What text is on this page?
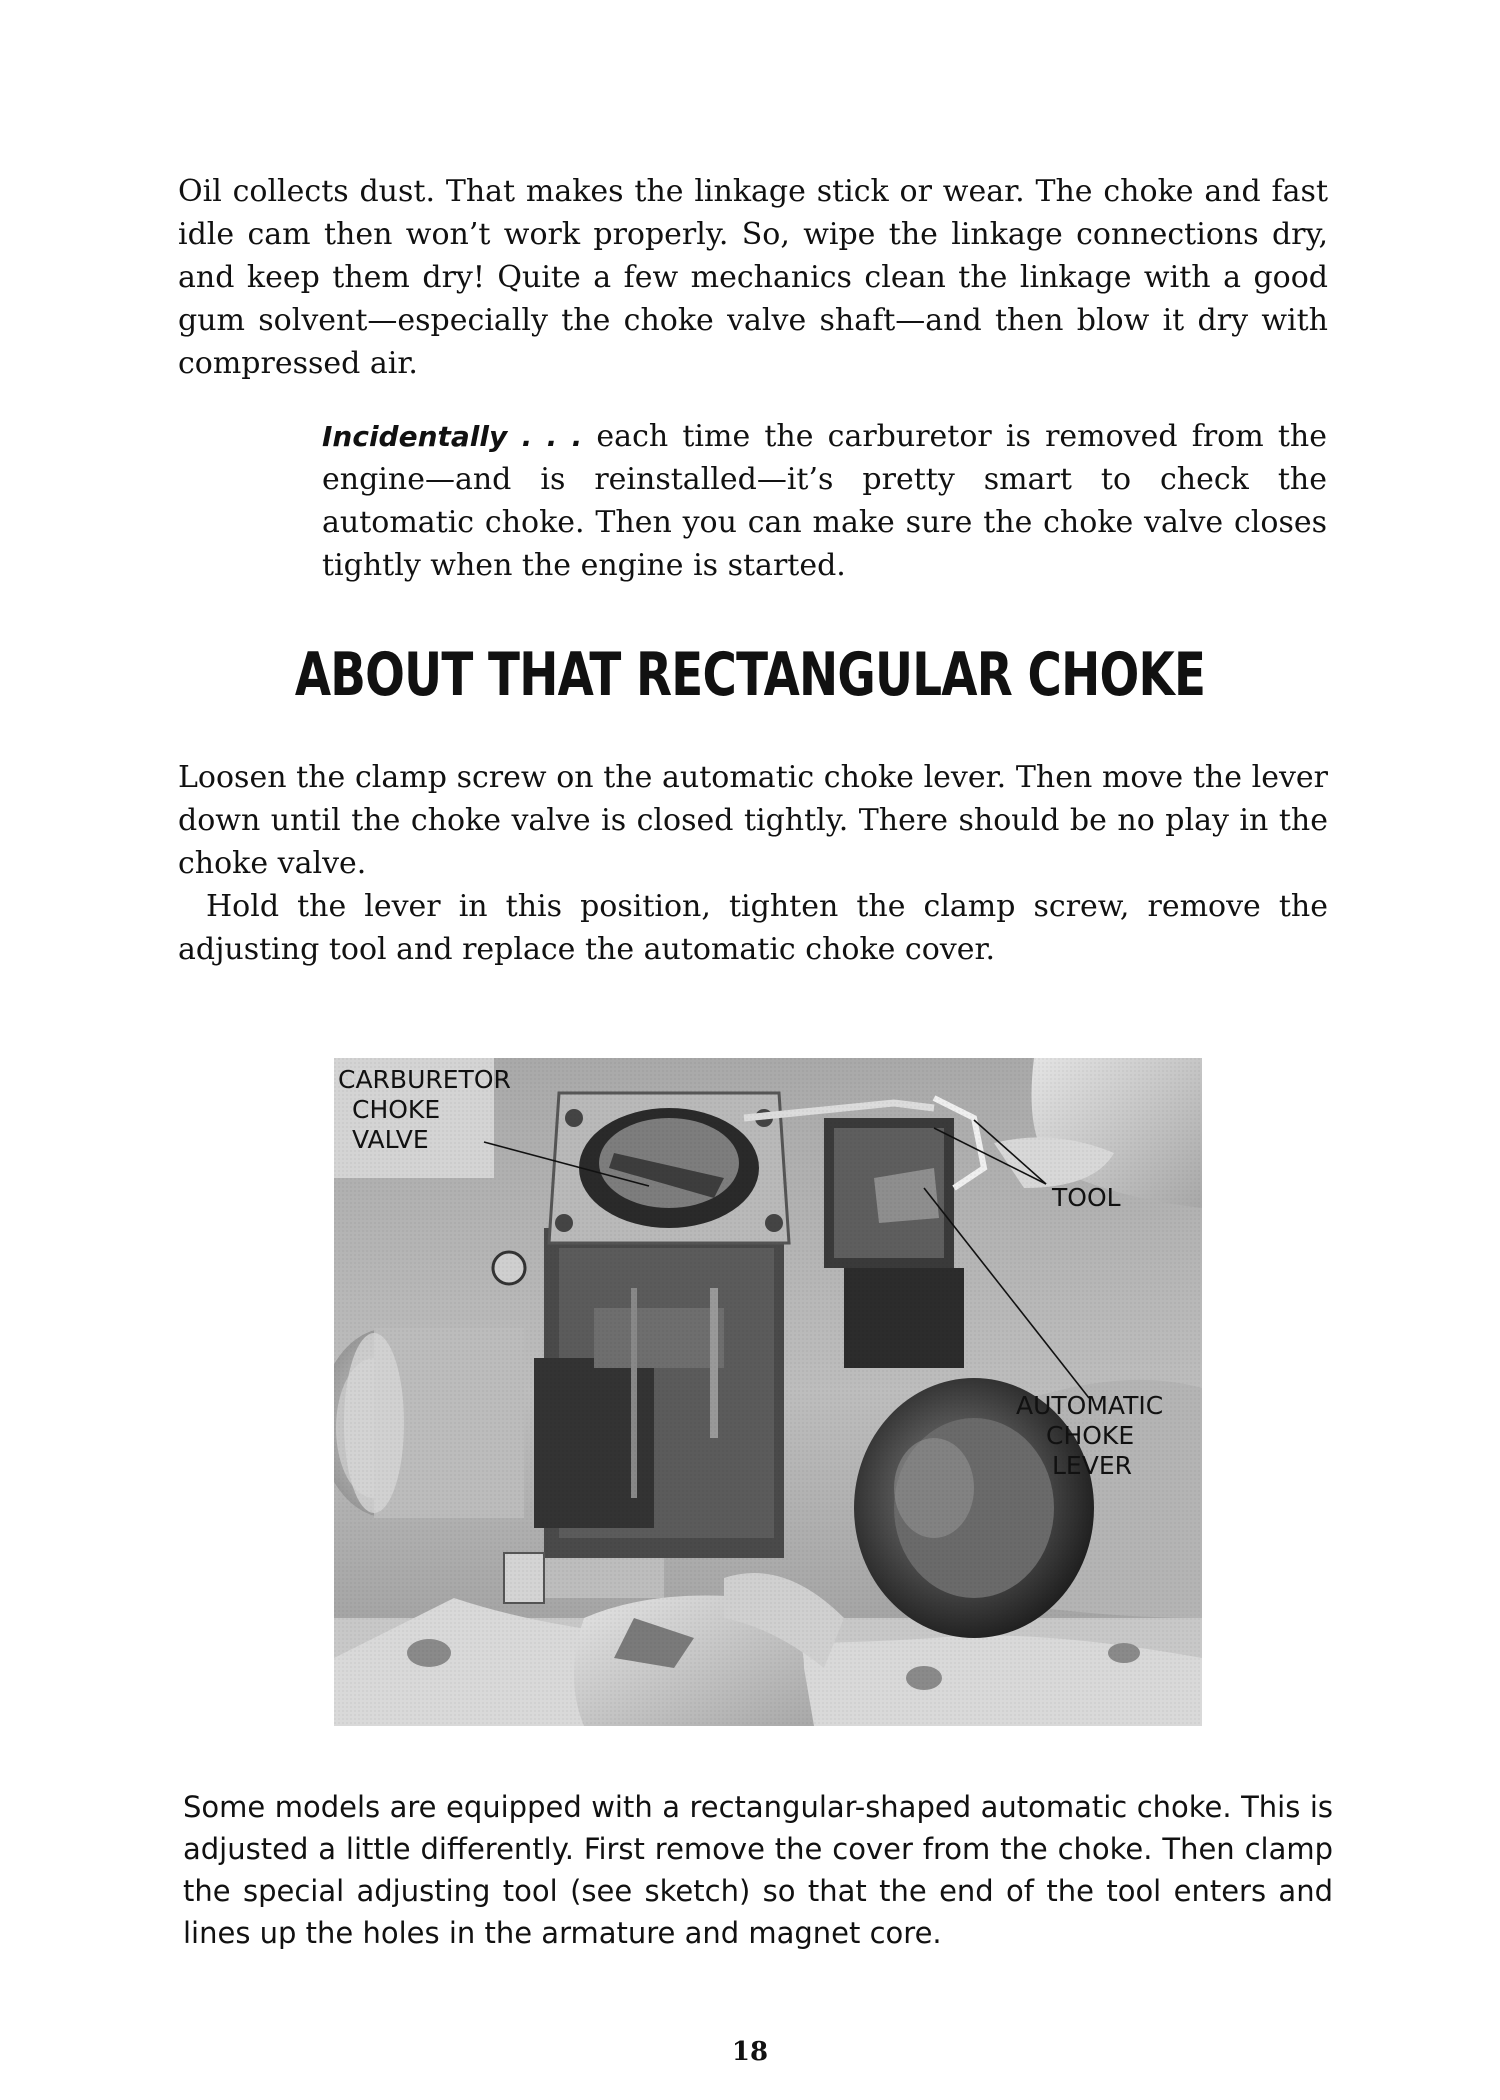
Oil collects dust. That makes the linkage stick or wear. The choke and fast idle cam then won’t work properly. So, wipe the linkage connections dry, and keep them dry! Quite a few mechanics clean the linkage with a good gum solvent—especially the choke valve shaft—and then blow it dry with compressed air.

Incidentally . . . each time the carburetor is removed from the engine—and is reinstalled—it’s pretty smart to check the automatic choke. Then you can make sure the choke valve closes tightly when the engine is started.

ABOUT THAT RECTANGULAR CHOKE

Loosen the clamp screw on the automatic choke lever. Then move the lever down until the choke valve is closed tightly. There should be no play in the choke valve.

Hold the lever in this position, tighten the clamp screw, remove the adjusting tool and replace the automatic choke cover.

CARBURETOR
CHOKE
VALVE
TOOL
AUTOMATIC
CHOKE
LEVER

Some models are equipped with a rectangular-shaped automatic choke. This is adjusted a little differently. First remove the cover from the choke. Then clamp the special adjusting tool (see sketch) so that the end of the tool enters and lines up the holes in the armature and magnet core.

18
